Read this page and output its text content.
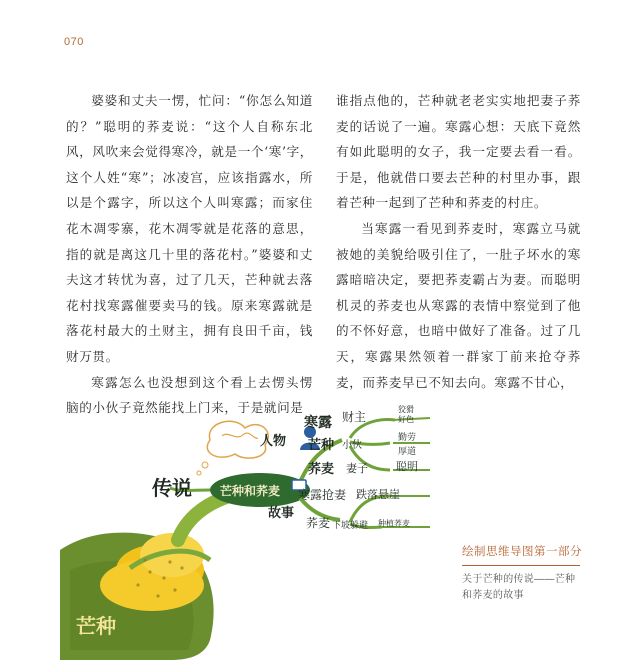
070

婆婆和丈夫一愣，忙问：“你怎么知道的？”聪明的荞麦说：“这个人自称东北风，风吹来会觉得寒冷，就是一个‘寒’字，这个人姓“寒”；冰凌宫，应该指露水，所以是个露字，所以这个人叫寒露；而家住花木凋零寨，花木凋零就是花落的意思，指的就是离这几十里的落花村。”婆婆和丈夫这才转忧为喜，过了几天，芒种就去落花村找寒露催要卖马的钱。原来寒露就是落花村最大的土财主，拥有良田千亩，钱财万贯。

寒露怎么也没想到这个看上去愣头愣脑的小伙子竟然能找上门来，于是就问是

谁指点他的，芒种就老老实实地把妻子荞麦的话说了一遍。寒露心想：天底下竟然有如此聪明的女子，我一定要去看一看。于是，他就借口要去芒种的村里办事，跟着芒种一起到了芒种和荞麦的村庄。

当寒露一看见到荞麦时，寒露立马就被她的美貌给吸引住了，一肚子坏水的寒露暗暗决定，要把荞麦霸占为妻。而聪明机灵的荞麦也从寒露的表情中察觉到了他的不怀好意，也暗中做好了准备。过了几天，寒露果然领着一群家丁前来抢夺荞麦，而荞麦早已不知去向。寒露不甘心，

芒种和荞麦
传说
芒种
人物
故事
寒露 财主
狡猾
好色
芒种 小伙
勤劳
厚道
荞麦 妻子	聪明
寒露抢妻 跌落悬崖
荞麦 下坡躲避 种植荞麦
绘制思维导图第一部分
关于芒种的传说——芒种和荞麦的故事
